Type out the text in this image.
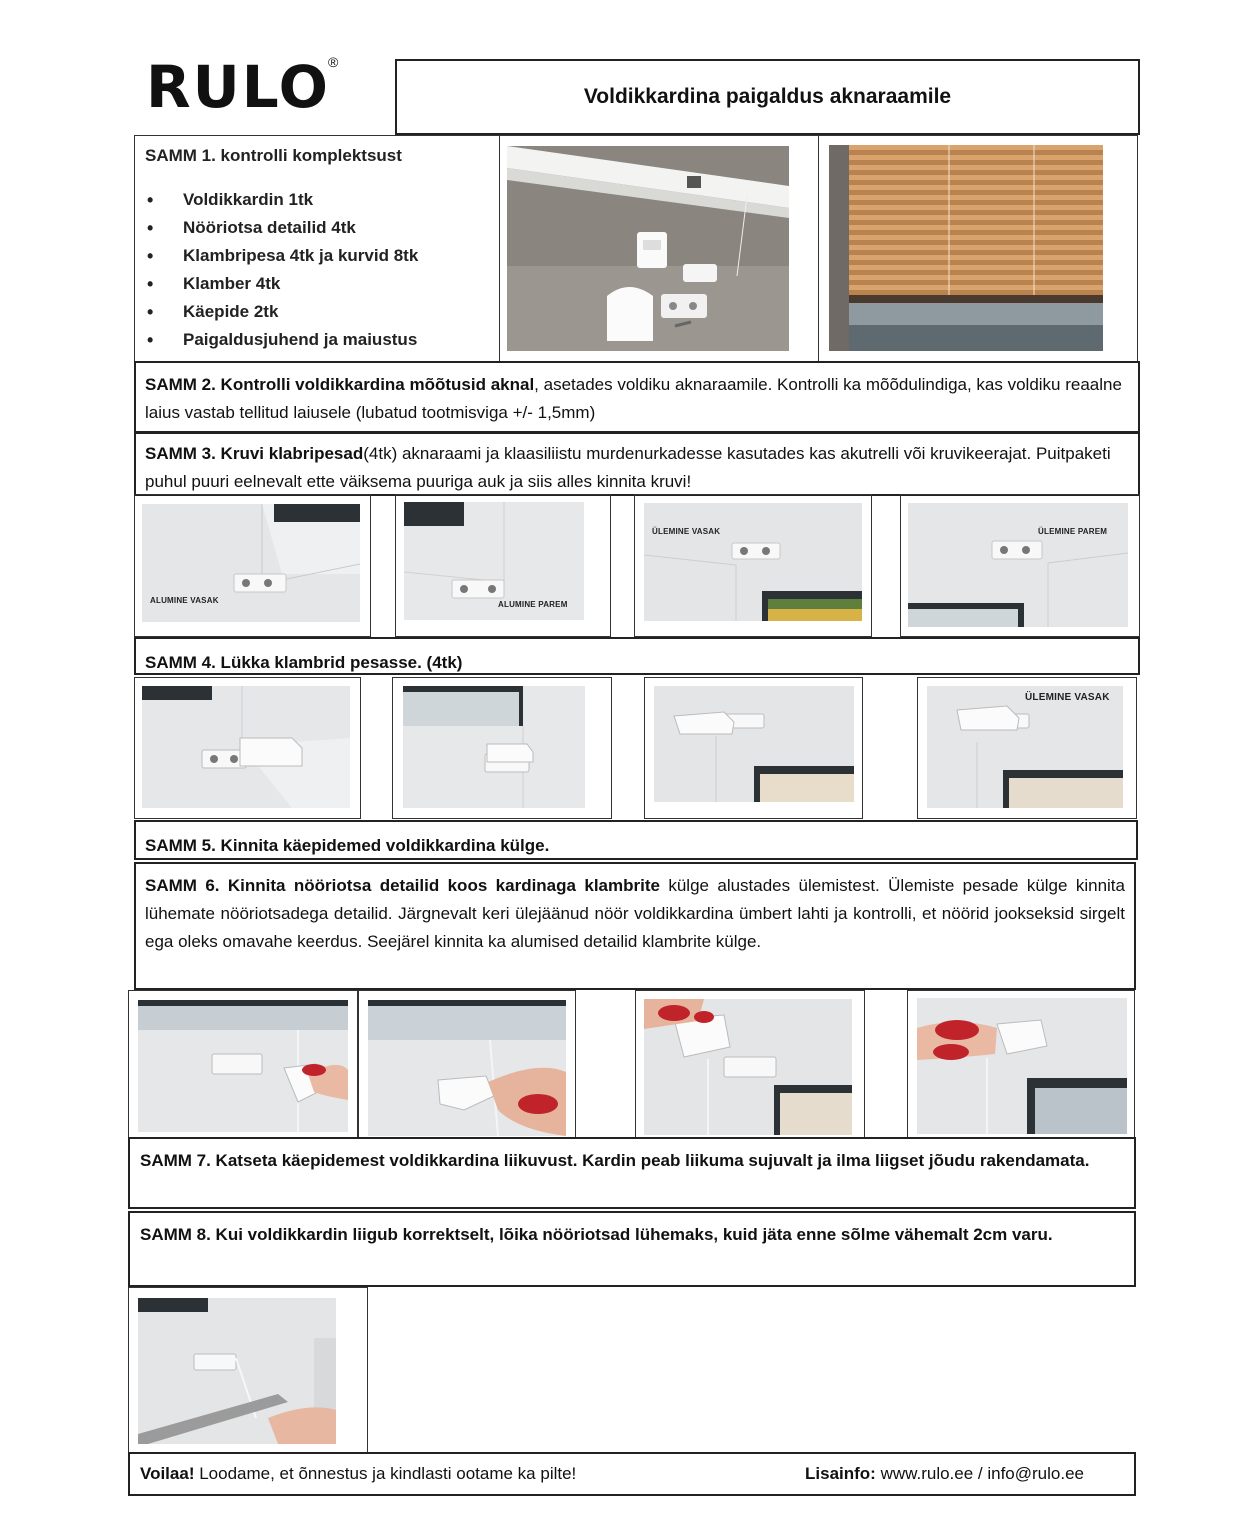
RULO
®
Voldikkardina paigaldus aknaraamile
SAMM 1. kontrolli komplektsust
• Voldikkardin 1tk
• Nööriotsa detailid 4tk
• Klambripesa 4tk ja kurvid 8tk
• Klamber 4tk
• Käepide 2tk
• Paigaldusjuhend ja maiustus
SAMM 2. Kontrolli voldikkardina mõõtusid aknal, asetades voldiku aknaraamile. Kontrolli ka mõõdulindiga, kas voldiku reaalne laius vastab tellitud laiusele (lubatud tootmisviga +/- 1,5mm)
SAMM 3. Kruvi klabripesad(4tk) aknaraami ja klaasiliistu murdenurkadesse kasutades kas akutrelli või kruvikeerajat. Puitpaketi puhul puuri eelnevalt ette väiksema puuriga auk ja siis alles kinnita kruvi!
ALUMINE VASAK	ALUMINE PAREM
ÜLEMINE VASAK	ÜLEMINE PAREM
SAMM 4. Lükka klambrid pesasse. (4tk)
ÜLEMINE VASAK
SAMM 5. Kinnita käepidemed voldikkardina külge.
SAMM 6. Kinnita nööriotsa detailid koos kardinaga klambrite külge alustades ülemistest. Ülemiste pesade külge kinnita lühemate nööriotsadega detailid. Järgnevalt keri ülejäänud nöör voldikkardina ümbert lahti ja kontrolli, et nöörid jookseksid sirgelt ega oleks omavahe keerdus. Seejärel kinnita ka alumised detailid klambrite külge.
SAMM 7. Katseta käepidemest voldikkardina liikuvust. Kardin peab liikuma sujuvalt ja ilma liigset jõudu rakendamata.
SAMM 8. Kui voldikkardin liigub korrektselt, lõika nööriotsad lühemaks, kuid jäta enne sõlme vähemalt 2cm varu.
Voilaa! Loodame, et õnnestus ja kindlasti ootame ka pilte!	Lisainfo: www.rulo.ee / info@rulo.ee
